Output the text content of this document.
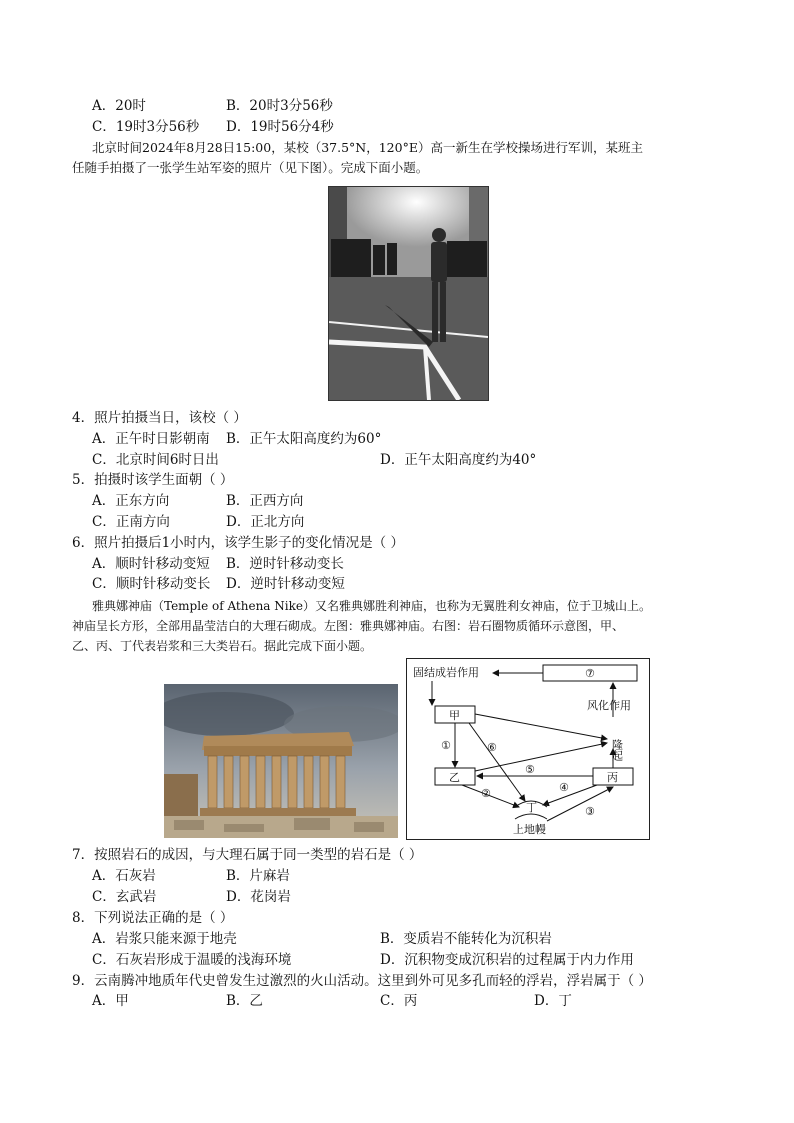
A．20时	B．20时3分56秒
C．19时3分56秒 D．19时56分4秒
北京时间2024年8月28日15:00，某校（37.5°N，120°E）高一新生在学校操场进行军训，某班主
任随手拍摄了一张学生站军姿的照片（见下图）。完成下面小题。
4．照片拍摄当日，该校（ ）
A．正午时日影朝南 B．正午太阳高度约为60°
C．北京时间6时日出	D．正午太阳高度约为40°
5．拍摄时该学生面朝（ ）
A．正东方向	B．正西方向
C．正南方向	D．正北方向
6．照片拍摄后1小时内，该学生影子的变化情况是（ ）
A．顺时针移动变短 B．逆时针移动变长
C．顺时针移动变长 D．逆时针移动变短
雅典娜神庙（Temple of Athena Nike）又名雅典娜胜利神庙，也称为无翼胜利女神庙，位于卫城山上。
神庙呈长方形，全部用晶莹洁白的大理石砌成。左图：雅典娜神庙。右图：岩石圈物质循环示意图，甲、
乙、丙、丁代表岩浆和三大类岩石。据此完成下面小题。
固结成岩作用	⑦
风化作用
隆起
甲
乙	丙
丁
上地幔
①
②
③
④
⑤
⑥
7．按照岩石的成因，与大理石属于同一类型的岩石是（ ）
A．石灰岩	B．片麻岩
C．玄武岩	D．花岗岩
8．下列说法正确的是（ ）
A．岩浆只能来源于地壳	B．变质岩不能转化为沉积岩
C．石灰岩形成于温暖的浅海环境	D．沉积物变成沉积岩的过程属于内力作用
9．云南腾冲地质年代史曾发生过激烈的火山活动。这里到外可见多孔而轻的浮岩，浮岩属于（ ）
A．甲	B．乙	C．丙	D．丁
